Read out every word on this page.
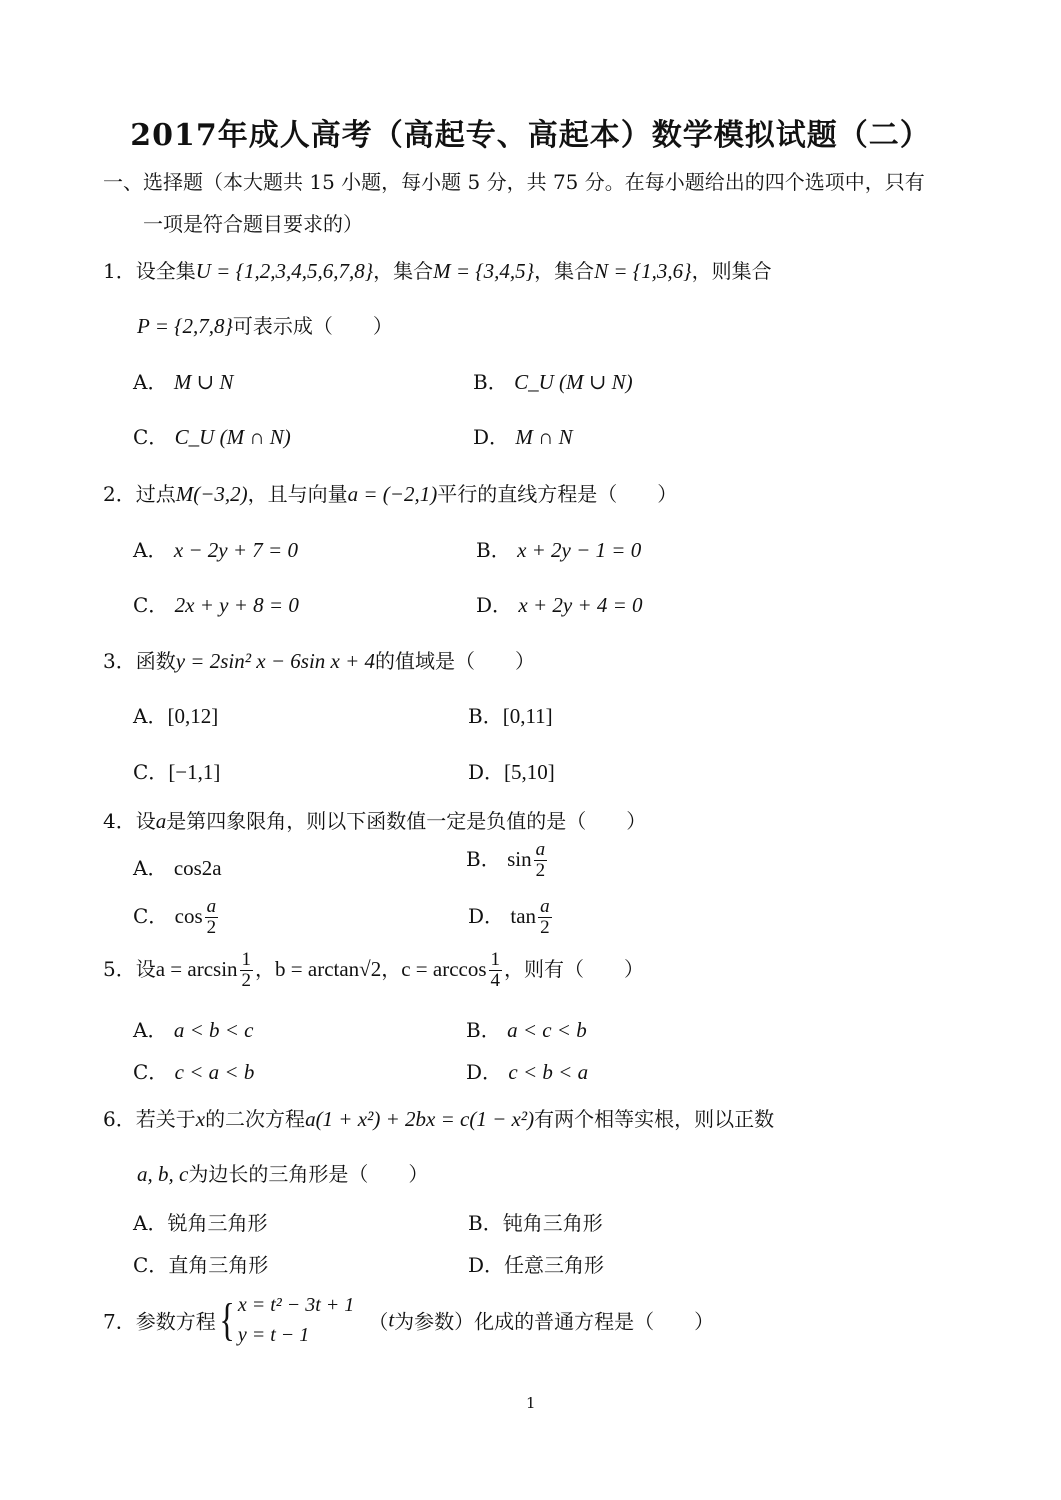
2017年成人高考（高起专、高起本）数学模拟试题（二）
一、选择题（本大题共 15 小题，每小题 5 分，共 75 分。在每小题给出的四个选项中，只有
一项是符合题目要求的）
1．设全集U = {1,2,3,4,5,6,7,8}，集合M = {3,4,5}，集合N = {1,3,6}，则集合
P = {2,7,8}可表示成（　　）
A． M ∪ N	B． C_U (M ∪ N)
C． C_U (M ∩ N)	D． M ∩ N
2．过点M(−3,2)，且与向量a = (−2,1)平行的直线方程是（　　）
A． x − 2y + 7 = 0	B． x + 2y − 1 = 0
C． 2x + y + 8 = 0	D． x + 2y + 4 = 0
3．函数y = 2sin² x − 6sin x + 4的值域是（　　）
A．[0,12]	B．[0,11]
C．[−1,1]	D．[5,10]
4．设a是第四象限角，则以下函数值一定是负值的是（　　）
A． cos2a	B． $\sin \frac{a}{2}$
C． $\cos \frac{a}{2}$	D． $\tan \frac{a}{2}$
5．设$a = \arcsin \frac{1}{2}$ ，b = arctan√2，$c = \arccos \frac{1}{4}$ ，则有（　　）
A． a < b < c	B． a < c < b
C． c < a < b	D． c < b < a
6．若关于x的二次方程a(1 + x²) + 2bx = c(1 − x²)有两个相等实根，则以正数
a, b, c为边长的三角形是（　　）
A．锐角三角形	B．钝角三角形
C．直角三角形	D．任意三角形
7．参数方程{ x = t² − 3t + 1
y = t − 1
（t为参数）化成的普通方程是（　　）
1
